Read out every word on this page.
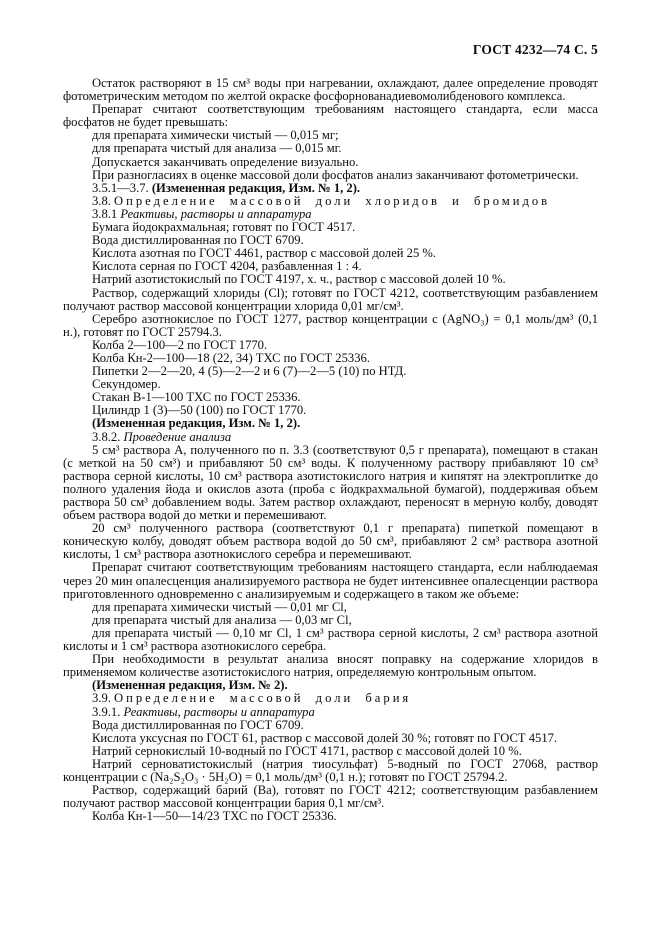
ГОСТ 4232—74 С. 5

Остаток растворяют в 15 см³ воды при нагревании, охлаждают, далее определение проводят фотометрическим методом по желтой окраске фосфорнованадиевомолибденового комплекса.

Препарат считают соответствующим требованиям настоящего стандарта, если масса фосфатов не будет превышать:

для препарата химически чистый — 0,015 мг;

для препарата чистый для анализа — 0,015 мг.

Допускается заканчивать определение визуально.

При разногласиях в оценке массовой доли фосфатов анализ заканчивают фотометрически.

3.5.1—3.7. (Измененная редакция, Изм. № 1, 2).

3.8. Определение массовой доли хлоридов и бромидов

3.8.1 Реактивы, растворы и аппаратура

Бумага йодокрахмальная; готовят по ГОСТ 4517.

Вода дистиллированная по ГОСТ 6709.

Кислота азотная по ГОСТ 4461, раствор с массовой долей 25 %.

Кислота серная по ГОСТ 4204, разбавленная 1 : 4.

Натрий азотистокислый по ГОСТ 4197, х. ч., раствор с массовой долей 10 %.

Раствор, содержащий хлориды (Cl); готовят по ГОСТ 4212, соответствующим разбавлением получают раствор массовой концентрации хлорида 0,01 мг/см³.

Серебро азотнокислое по ГОСТ 1277, раствор концентрации с (AgNO₃) = 0,1 моль/дм³ (0,1 н.), готовят по ГОСТ 25794.3.

Колба 2—100—2 по ГОСТ 1770.

Колба Кн-2—100—18 (22, 34) ТХС по ГОСТ 25336.

Пипетки 2—2—20, 4 (5)—2—2 и 6 (7)—2—5 (10) по НТД.

Секундомер.

Стакан В-1—100 ТХС по ГОСТ 25336.

Цилиндр 1 (3)—50 (100) по ГОСТ 1770.

(Измененная редакция, Изм. № 1, 2).

3.8.2. Проведение анализа

5 см³ раствора А, полученного по п. 3.3 (соответствуют 0,5 г препарата), помещают в стакан (с меткой на 50 см³) и прибавляют 50 см³ воды. К полученному раствору прибавляют 10 см³ раствора серной кислоты, 10 см³ раствора азотистокислого натрия и кипятят на электроплитке до полного удаления йода и окислов азота (проба с йодкрахмальной бумагой), поддерживая объем раствора 50 см³ добавлением воды. Затем раствор охлаждают, переносят в мерную колбу, доводят объем раствора водой до метки и перемешивают.

20 см³ полученного раствора (соответствуют 0,1 г препарата) пипеткой помещают в коническую колбу, доводят объем раствора водой до 50 см³, прибавляют 2 см³ раствора азотной кислоты, 1 см³ раствора азотнокислого серебра и перемешивают.

Препарат считают соответствующим требованиям настоящего стандарта, если наблюдаемая через 20 мин опалесценция анализируемого раствора не будет интенсивнее опалесценции раствора приготовленного одновременно с анализируемым и содержащего в таком же объеме:

для препарата химически чистый — 0,01 мг Cl,

для препарата чистый для анализа — 0,03 мг Cl,

для препарата чистый — 0,10 мг Cl, 1 см³ раствора серной кислоты, 2 см³ раствора азотной кислоты и 1 см³ раствора азотнокислого серебра.

При необходимости в результат анализа вносят поправку на содержание хлоридов в применяемом количестве азотистокислого натрия, определяемую контрольным опытом.

(Измененная редакция, Изм. № 2).

3.9. Определение массовой доли бария

3.9.1. Реактивы, растворы и аппаратура

Вода дистиллированная по ГОСТ 6709.

Кислота уксусная по ГОСТ 61, раствор с массовой долей 30 %; готовят по ГОСТ 4517.

Натрий сернокислый 10-водный по ГОСТ 4171, раствор с массовой долей 10 %.

Натрий серноватистокислый (натрия тиосульфат) 5-водный по ГОСТ 27068, раствор концентрации с (Na₂S₂O₃ · 5H₂O) = 0,1 моль/дм³ (0,1 н.); готовят по ГОСТ 25794.2.

Раствор, содержащий барий (Ва), готовят по ГОСТ 4212; соответствующим разбавлением получают раствор массовой концентрации бария 0,1 мг/см³.

Колба Кн-1—50—14/23 ТХС по ГОСТ 25336.
